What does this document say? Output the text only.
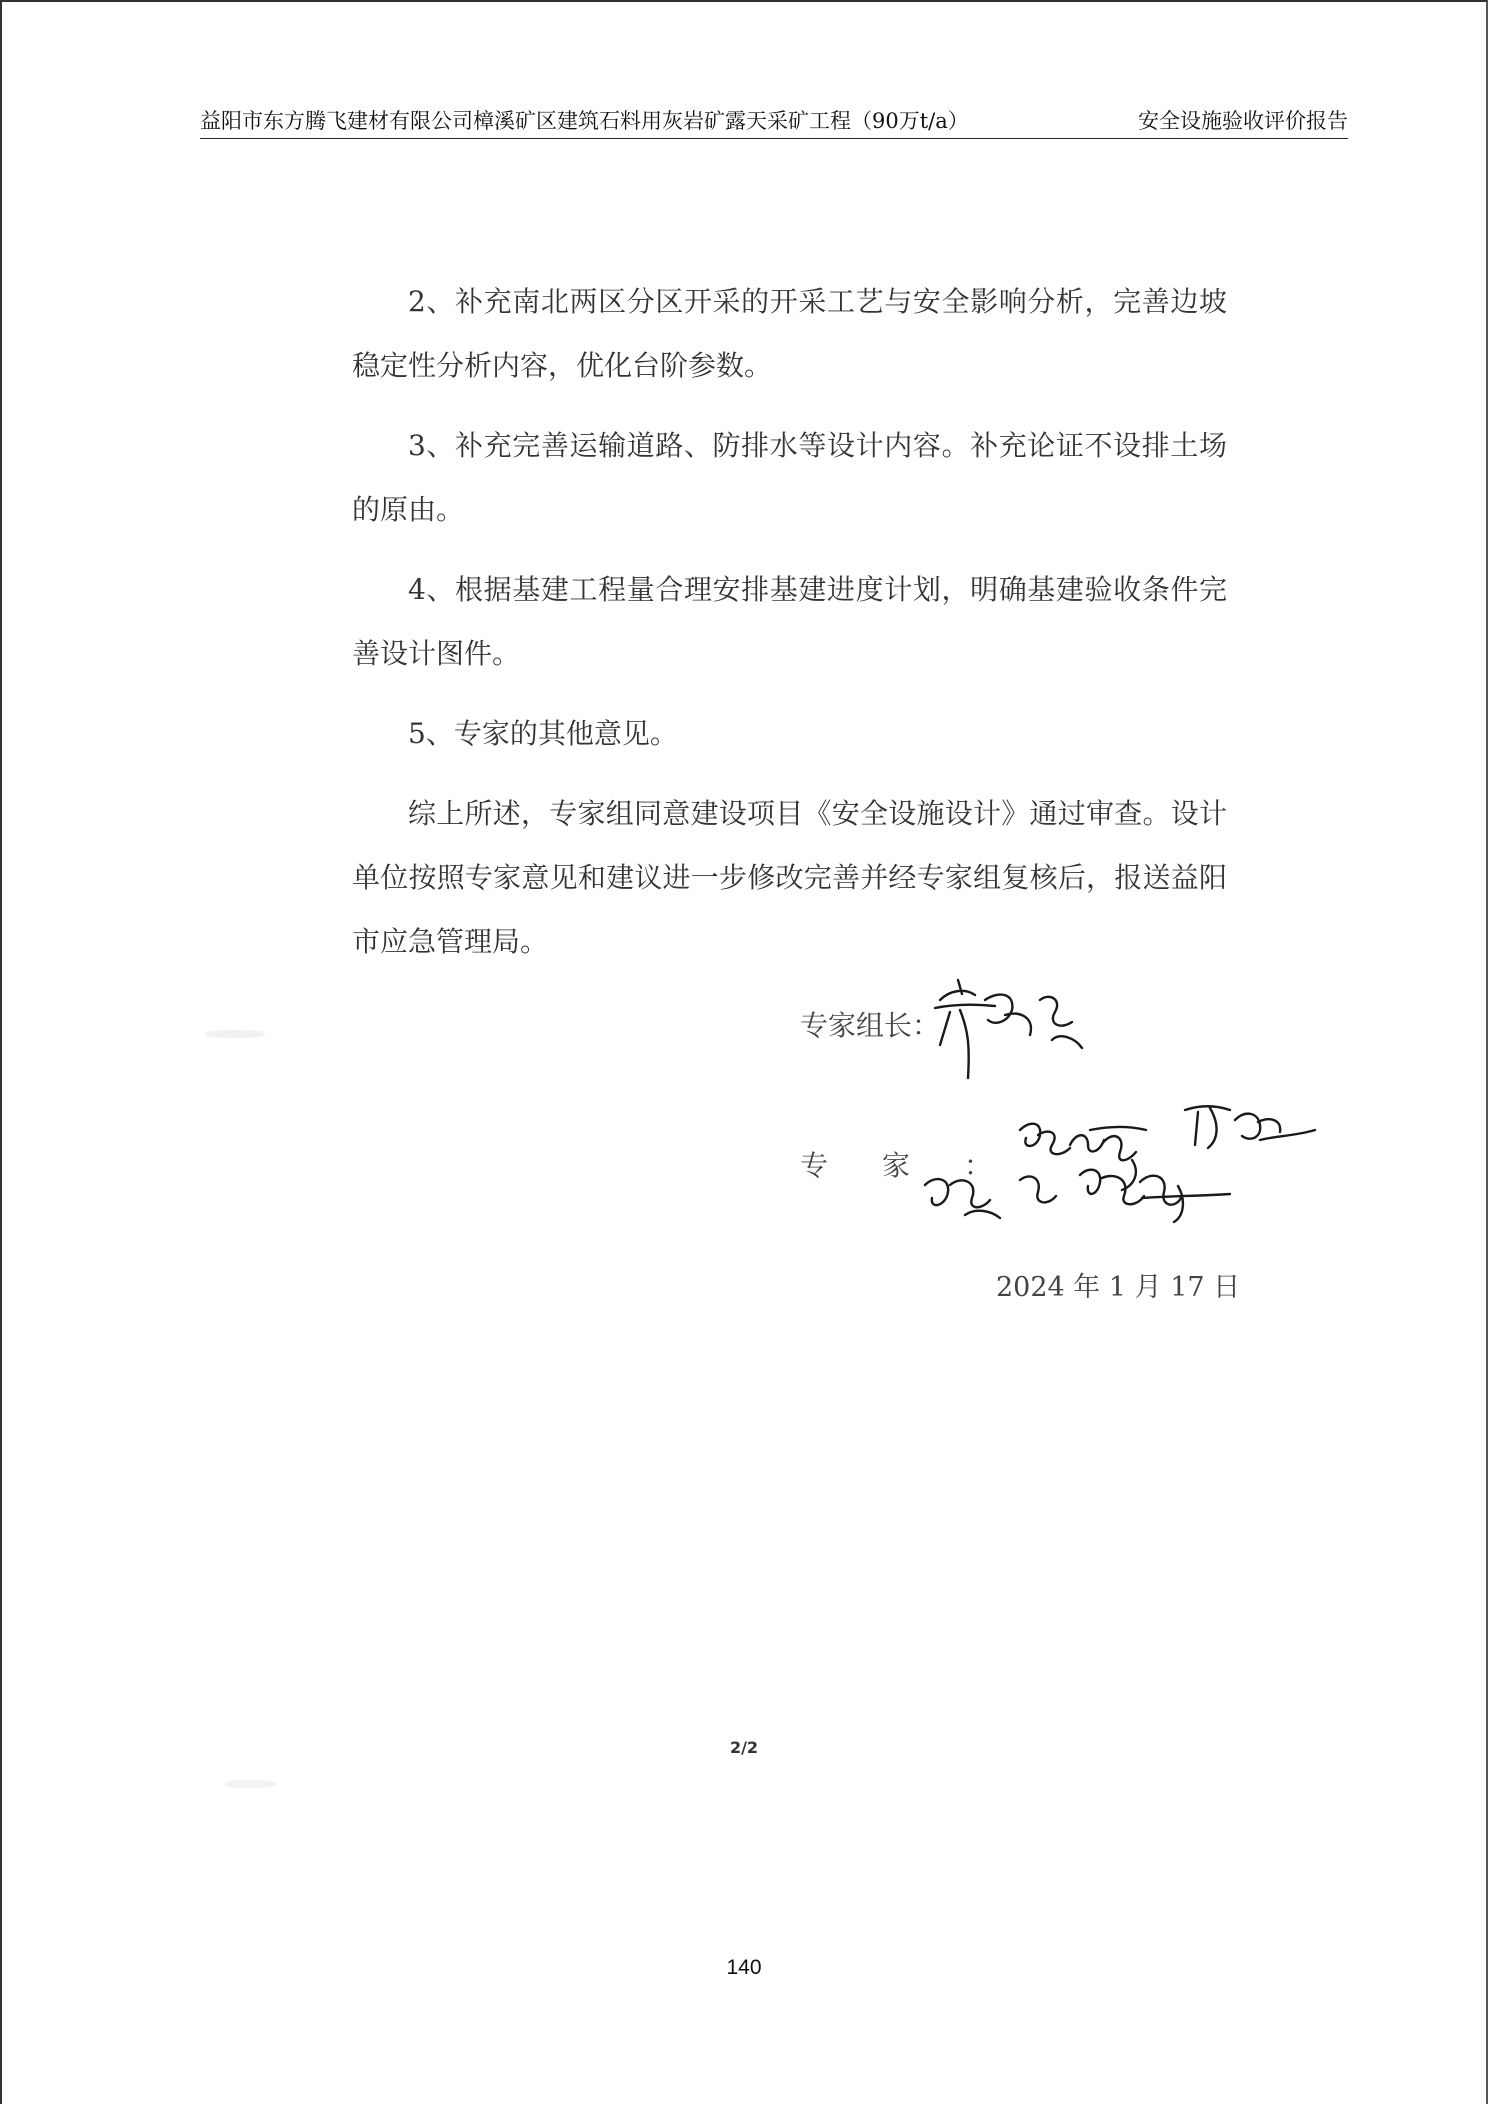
益阳市东方腾飞建材有限公司樟溪矿区建筑石料用灰岩矿露天采矿工程（90万t/a）	安全设施验收评价报告

2、补充南北两区分区开采的开采工艺与安全影响分析，完善边坡稳定性分析内容，优化台阶参数。

3、补充完善运输道路、防排水等设计内容。补充论证不设排土场的原由。

4、根据基建工程量合理安排基建进度计划，明确基建验收条件完善设计图件。

5、专家的其他意见。

综上所述，专家组同意建设项目《安全设施设计》通过审查。设计单位按照专家意见和建议进一步修改完善并经专家组复核后，报送益阳市应急管理局。

专家组长：
专家：
2024 年 1 月 17 日
2/2
140
